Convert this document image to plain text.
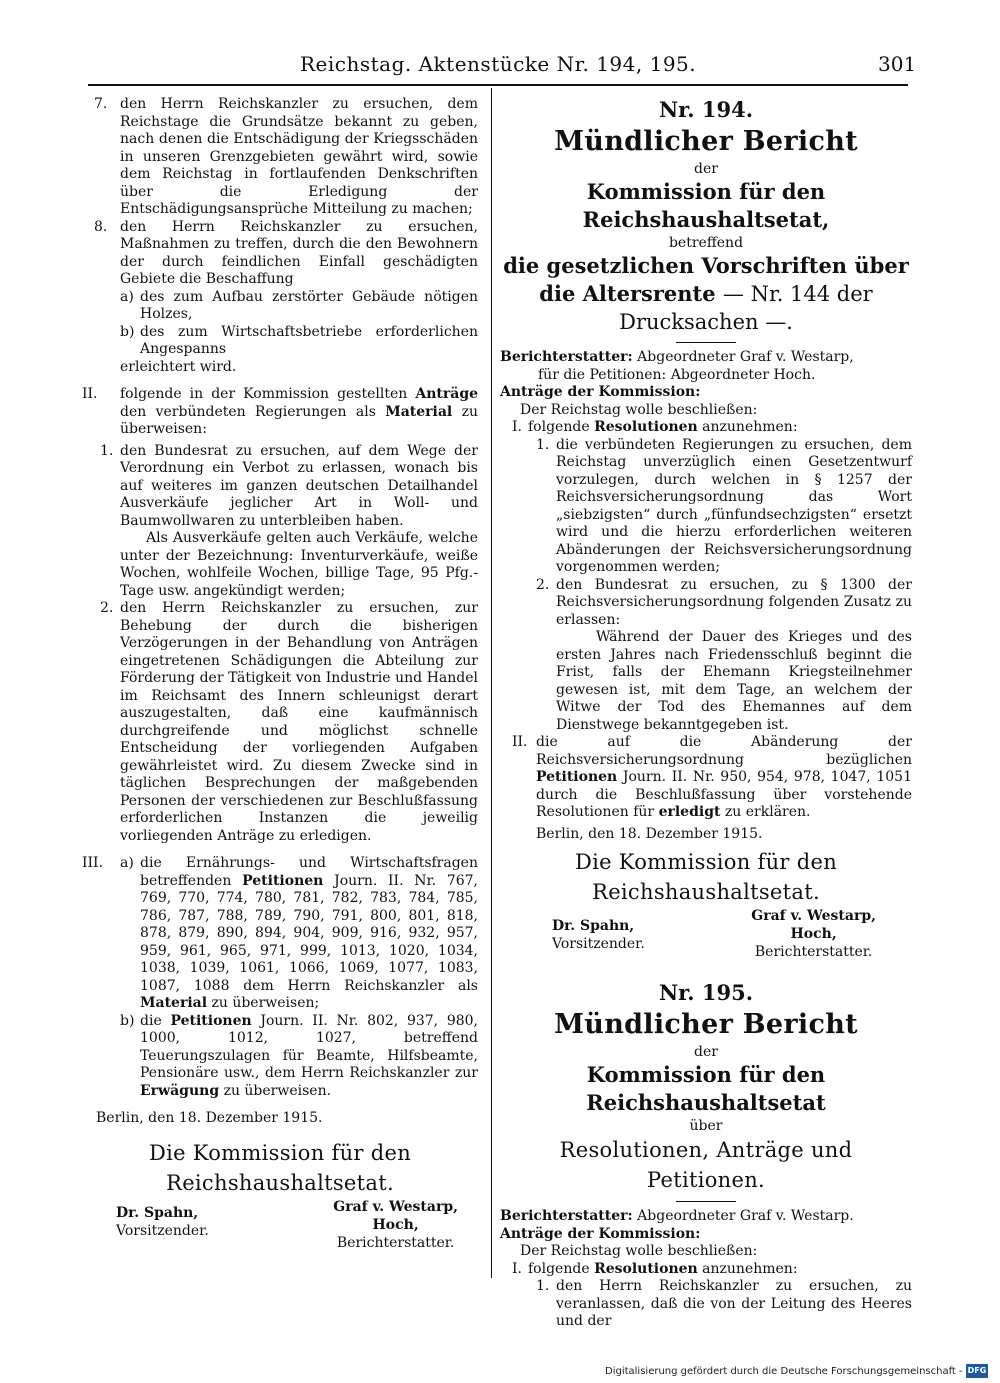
Reichstag. Aktenstücke Nr. 194, 195.	301
7. den Herrn Reichskanzler zu ersuchen, dem Reichstage die Grundsätze bekannt zu geben, nach denen die Entschädigung der Kriegsschäden in unseren Grenzgebieten gewährt wird, sowie dem Reichstag in fortlaufenden Denkschriften über die Erledigung der Entschädigungsansprüche Mitteilung zu machen;

8. den Herrn Reichskanzler zu ersuchen, Maßnahmen zu treffen, durch die den Bewohnern der durch feindlichen Einfall geschädigten Gebiete die Beschaffung

a) des zum Aufbau zerstörter Gebäude nötigen Holzes,

b) des zum Wirtschaftsbetriebe erforderlichen Angespanns

erleichtert wird.

II. folgende in der Kommission gestellten Anträge den verbündeten Regierungen als Material zu überweisen:

1. den Bundesrat zu ersuchen, auf dem Wege der Verordnung ein Verbot zu erlassen, wonach bis auf weiteres im ganzen deutschen Detailhandel Ausverkäufe jeglicher Art in Woll- und Baumwollwaren zu unterbleiben haben.

Als Ausverkäufe gelten auch Verkäufe, welche unter der Bezeichnung: Inventurverkäufe, weiße Wochen, wohlfeile Wochen, billige Tage, 95 Pfg.-Tage usw. angekündigt werden;

2. den Herrn Reichskanzler zu ersuchen, zur Behebung der durch die bisherigen Verzögerungen in der Behandlung von Anträgen eingetretenen Schädigungen die Abteilung zur Förderung der Tätigkeit von Industrie und Handel im Reichsamt des Innern schleunigst derart auszugestalten, daß eine kaufmännisch durchgreifende und möglichst schnelle Entscheidung der vorliegenden Aufgaben gewährleistet wird. Zu diesem Zwecke sind in täglichen Besprechungen der maßgebenden Personen der verschiedenen zur Beschlußfassung erforderlichen Instanzen die jeweilig vorliegenden Anträge zu erledigen.

III. a) die Ernährungs- und Wirtschaftsfragen betreffenden Petitionen Journ. II. Nr. 767, 769, 770, 774, 780, 781, 782, 783, 784, 785, 786, 787, 788, 789, 790, 791, 800, 801, 818, 878, 879, 890, 894, 904, 909, 916, 932, 957, 959, 961, 965, 971, 999, 1013, 1020, 1034, 1038, 1039, 1061, 1066, 1069, 1077, 1083, 1087, 1088 dem Herrn Reichskanzler als Material zu überweisen;

b) die Petitionen Journ. II. Nr. 802, 937, 980, 1000, 1012, 1027, betreffend Teuerungszulagen für Beamte, Hilfsbeamte, Pensionäre usw., dem Herrn Reichskanzler zur Erwägung zu überweisen.

Berlin, den 18. Dezember 1915.

Die Kommission für den Reichshaushaltsetat.

Dr. Spahn,
Vorsitzender.
Graf v. Westarp,
Hoch,
Berichterstatter.

Nr. 194.

Mündlicher Bericht

der

Kommission für den Reichshaushaltsetat,

betreffend

die gesetzlichen Vorschriften über die Altersrente — Nr. 144 der Drucksachen —.

Berichterstatter: Abgeordneter Graf v. Westarp,

für die Petitionen: Abgeordneter Hoch.

Anträge der Kommission:

Der Reichstag wolle beschließen:

I. folgende Resolutionen anzunehmen:

1. die verbündeten Regierungen zu ersuchen, dem Reichstag unverzüglich einen Gesetzentwurf vorzulegen, durch welchen in § 1257 der Reichsversicherungsordnung das Wort „siebzigsten“ durch „fünfundsechzigsten“ ersetzt wird und die hierzu erforderlichen weiteren Abänderungen der Reichsversicherungsordnung vorgenommen werden;

2. den Bundesrat zu ersuchen, zu § 1300 der Reichsversicherungsordnung folgenden Zusatz zu erlassen:

Während der Dauer des Krieges und des ersten Jahres nach Friedensschluß beginnt die Frist, falls der Ehemann Kriegsteilnehmer gewesen ist, mit dem Tage, an welchem der Witwe der Tod des Ehemannes auf dem Dienstwege bekanntgegeben ist.

II. die auf die Abänderung der Reichsversicherungsordnung bezüglichen Petitionen Journ. II. Nr. 950, 954, 978, 1047, 1051 durch die Beschlußfassung über vorstehende Resolutionen für erledigt zu erklären.

Berlin, den 18. Dezember 1915.

Die Kommission für den Reichshaushaltsetat.

Dr. Spahn,
Vorsitzender.
Graf v. Westarp,
Hoch,
Berichterstatter.

Nr. 195.

Mündlicher Bericht

der

Kommission für den Reichshaushaltsetat

über

Resolutionen, Anträge und Petitionen.

Berichterstatter: Abgeordneter Graf v. Westarp.

Anträge der Kommission:

Der Reichstag wolle beschließen:

I. folgende Resolutionen anzunehmen:

1. den Herrn Reichskanzler zu ersuchen, zu veranlassen, daß die von der Leitung des Heeres und der

Digitalisierung gefördert durch die Deutsche Forschungsgemeinschaft - DFG
